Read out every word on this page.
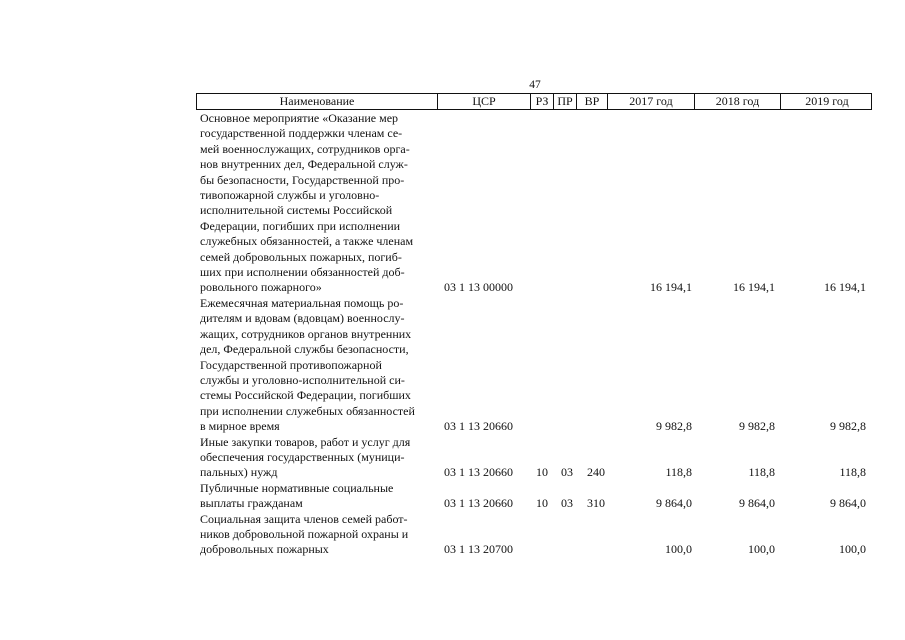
47
Наименование	ЦСР	РЗ ПР ВР	2017 год	2018 год	2019 год
Основное мероприятие «Оказание мер
государственной поддержки членам се-
мей военнослужащих, сотрудников орга-
нов внутренних дел, Федеральной служ-
бы безопасности, Государственной про-
тивопожарной службы и уголовно-
исполнительной системы Российской
Федерации, погибших при исполнении
служебных обязанностей, а также членам
семей добровольных пожарных, погиб-
ших при исполнении обязанностей доб-
ровольного пожарного»	03 1 13 00000	16 194,1	16 194,1	16 194,1
Ежемесячная материальная помощь ро-
дителям и вдовам (вдовцам) военнослу-
жащих, сотрудников органов внутренних
дел, Федеральной службы безопасности,
Государственной противопожарной
службы и уголовно-исполнительной си-
стемы Российской Федерации, погибших
при исполнении служебных обязанностей
в мирное время	03 1 13 20660	9 982,8	9 982,8	9 982,8
Иные закупки товаров, работ и услуг для
обеспечения государственных (муници-
пальных) нужд	03 1 13 20660 10 03 240	118,8	118,8	118,8
Публичные нормативные социальные
выплаты гражданам	03 1 13 20660 10 03 310	9 864,0	9 864,0	9 864,0
Социальная защита членов семей работ-
ников добровольной пожарной охраны и
добровольных пожарных	03 1 13 20700	100,0	100,0	100,0
